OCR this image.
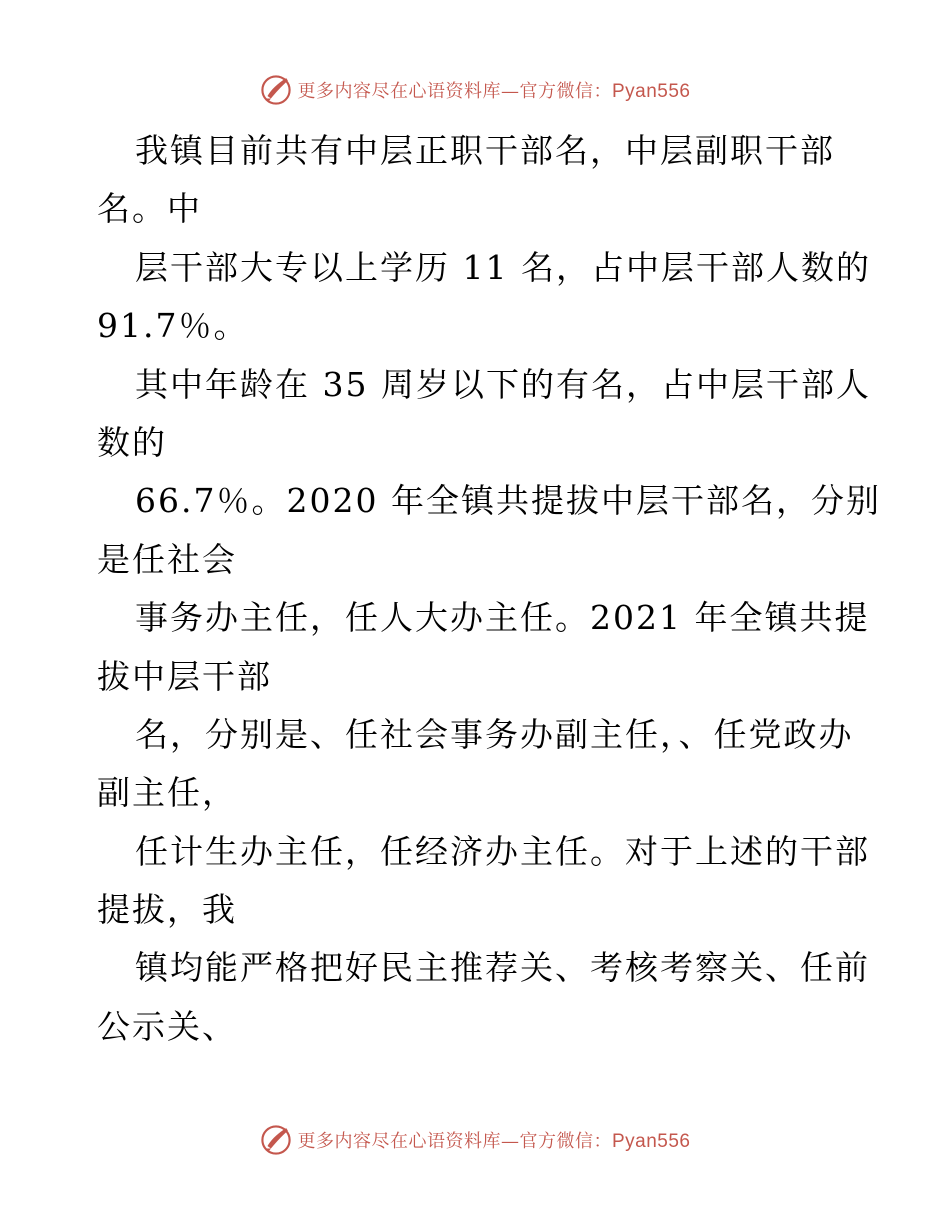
更多内容尽在心语资料库—官方微信：Pyan556
我镇目前共有中层正职干部名，中层副职干部
名。中
层干部大专以上学历 11 名，占中层干部人数的
91.7％。
其中年龄在 35 周岁以下的有名，占中层干部人
数的
66.7％。2020 年全镇共提拔中层干部名，分别
是任社会
事务办主任，任人大办主任。2021 年全镇共提
拔中层干部
名，分别是、任社会事务办副主任，、任党政办
副主任，
任计生办主任，任经济办主任。对于上述的干部
提拔，我
镇均能严格把好民主推荐关、考核考察关、任前
公示关、
更多内容尽在心语资料库—官方微信：Pyan556
